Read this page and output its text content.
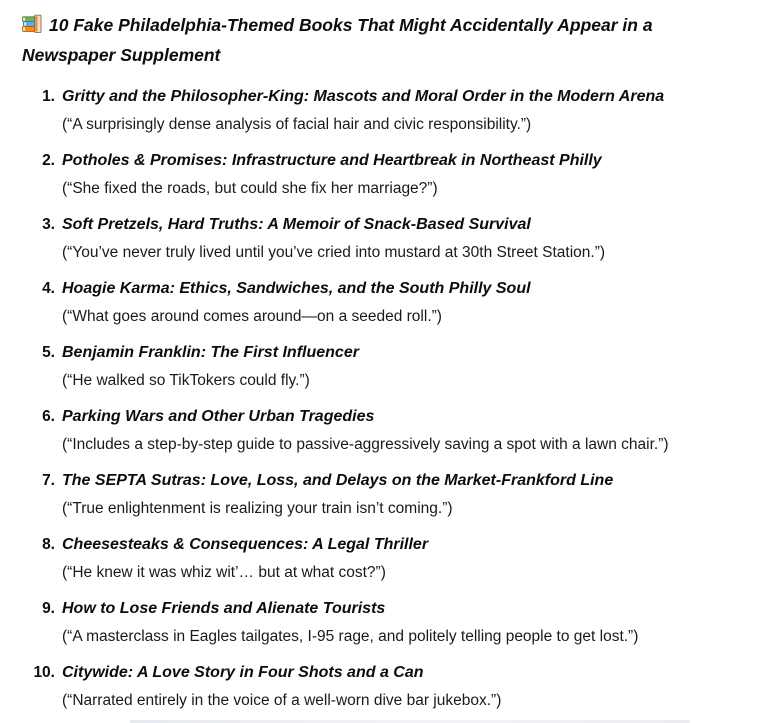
10 Fake Philadelphia-Themed Books That Might Accidentally Appear in a Newspaper Supplement
1. Gritty and the Philosopher-King: Mascots and Moral Order in the Modern Arena
(“A surprisingly dense analysis of facial hair and civic responsibility.”)
2. Potholes & Promises: Infrastructure and Heartbreak in Northeast Philly
(“She fixed the roads, but could she fix her marriage?”)
3. Soft Pretzels, Hard Truths: A Memoir of Snack-Based Survival
(“You’ve never truly lived until you’ve cried into mustard at 30th Street Station.”)
4. Hoagie Karma: Ethics, Sandwiches, and the South Philly Soul
(“What goes around comes around—on a seeded roll.”)
5. Benjamin Franklin: The First Influencer
(“He walked so TikTokers could fly.”)
6. Parking Wars and Other Urban Tragedies
(“Includes a step-by-step guide to passive-aggressively saving a spot with a lawn chair.”)
7. The SEPTA Sutras: Love, Loss, and Delays on the Market-Frankford Line
(“True enlightenment is realizing your train isn’t coming.”)
8. Cheesesteaks & Consequences: A Legal Thriller
(“He knew it was whiz wit’… but at what cost?”)
9. How to Lose Friends and Alienate Tourists
(“A masterclass in Eagles tailgates, I-95 rage, and politely telling people to get lost.”)
10. Citywide: A Love Story in Four Shots and a Can
(“Narrated entirely in the voice of a well-worn dive bar jukebox.”)
